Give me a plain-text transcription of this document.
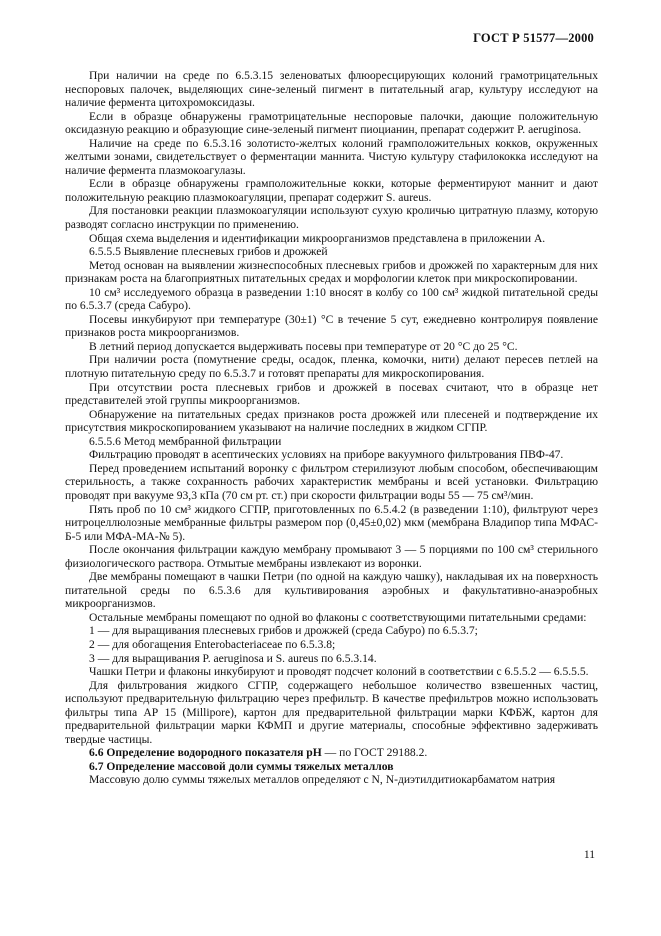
ГОСТ Р 51577—2000

При наличии на среде по 6.5.3.15 зеленоватых флюоресцирующих колоний грамотрицательных неспоровых палочек, выделяющих сине-зеленый пигмент в питательный агар, культуру исследуют на наличие фермента цитохромоксидазы.

Если в образце обнаружены грамотрицательные неспоровые палочки, дающие положительную оксидазную реакцию и образующие сине-зеленый пигмент пиоцианин, препарат содержит P. aeruginosa.

Наличие на среде по 6.5.3.16 золотисто-желтых колоний грамположительных кокков, окруженных желтыми зонами, свидетельствует о ферментации маннита. Чистую культуру стафилококка исследуют на наличие фермента плазмокоагулазы.

Если в образце обнаружены грамположительные кокки, которые ферментируют маннит и дают положительную реакцию плазмокоагуляции, препарат содержит S. aureus.

Для постановки реакции плазмокоагуляции используют сухую кроличью цитратную плазму, которую разводят согласно инструкции по применению.

Общая схема выделения и идентификации микроорганизмов представлена в приложении А.

6.5.5.5 Выявление плесневых грибов и дрожжей

Метод основан на выявлении жизнеспособных плесневых грибов и дрожжей по характерным для них признакам роста на благоприятных питательных средах и морфологии клеток при микроскопировании.

10 см³ исследуемого образца в разведении 1:10 вносят в колбу со 100 см³ жидкой питательной среды по 6.5.3.7 (среда Сабуро).

Посевы инкубируют при температуре (30±1) °С в течение 5 сут, ежедневно контролируя появление признаков роста микроорганизмов.

В летний период допускается выдерживать посевы при температуре от 20 °С до 25 °С.

При наличии роста (помутнение среды, осадок, пленка, комочки, нити) делают пересев петлей на плотную питательную среду по 6.5.3.7 и готовят препараты для микроскопирования.

При отсутствии роста плесневых грибов и дрожжей в посевах считают, что в образце нет представителей этой группы микроорганизмов.

Обнаружение на питательных средах признаков роста дрожжей или плесеней и подтверждение их присутствия микроскопированием указывают на наличие последних в жидком СГПР.

6.5.5.6 Метод мембранной фильтрации

Фильтрацию проводят в асептических условиях на приборе вакуумного фильтрования ПВФ-47.

Перед проведением испытаний воронку с фильтром стерилизуют любым способом, обеспечивающим стерильность, а также сохранность рабочих характеристик мембраны и всей установки. Фильтрацию проводят при вакууме 93,3 кПа (70 см рт. ст.) при скорости фильтрации воды 55 — 75 см³/мин.

Пять проб по 10 см³ жидкого СГПР, приготовленных по 6.5.4.2 (в разведении 1:10), фильтруют через нитроцеллюлозные мембранные фильтры размером пор (0,45±0,02) мкм (мембрана Владипор типа МФАС-Б-5 или МФА-МА-№ 5).

После окончания фильтрации каждую мембрану промывают 3 — 5 порциями по 100 см³ стерильного физиологического раствора. Отмытые мембраны извлекают из воронки.

Две мембраны помещают в чашки Петри (по одной на каждую чашку), накладывая их на поверхность питательной среды по 6.5.3.6 для культивирования аэробных и факультативно-анаэробных микроорганизмов.

Остальные мембраны помещают по одной во флаконы с соответствующими питательными средами:

1 — для выращивания плесневых грибов и дрожжей (среда Сабуро) по 6.5.3.7;

2 — для обогащения Enterobacteriaceae по 6.5.3.8;

3 — для выращивания P. aeruginosa и S. aureus по 6.5.3.14.

Чашки Петри и флаконы инкубируют и проводят подсчет колоний в соответствии с 6.5.5.2 — 6.5.5.5.

Для фильтрования жидкого СГПР, содержащего небольшое количество взвешенных частиц, используют предварительную фильтрацию через префильтр. В качестве префильтров можно использовать фильтры типа АР 15 (Millipore), картон для предварительной фильтрации марки КФБЖ, картон для предварительной фильтрации марки КФМП и другие материалы, способные эффективно задерживать твердые частицы.

6.6 Определение водородного показателя pH — по ГОСТ 29188.2.

6.7 Определение массовой доли суммы тяжелых металлов

Массовую долю суммы тяжелых металлов определяют с N, N-диэтилдитиокарбаматом натрия

11
